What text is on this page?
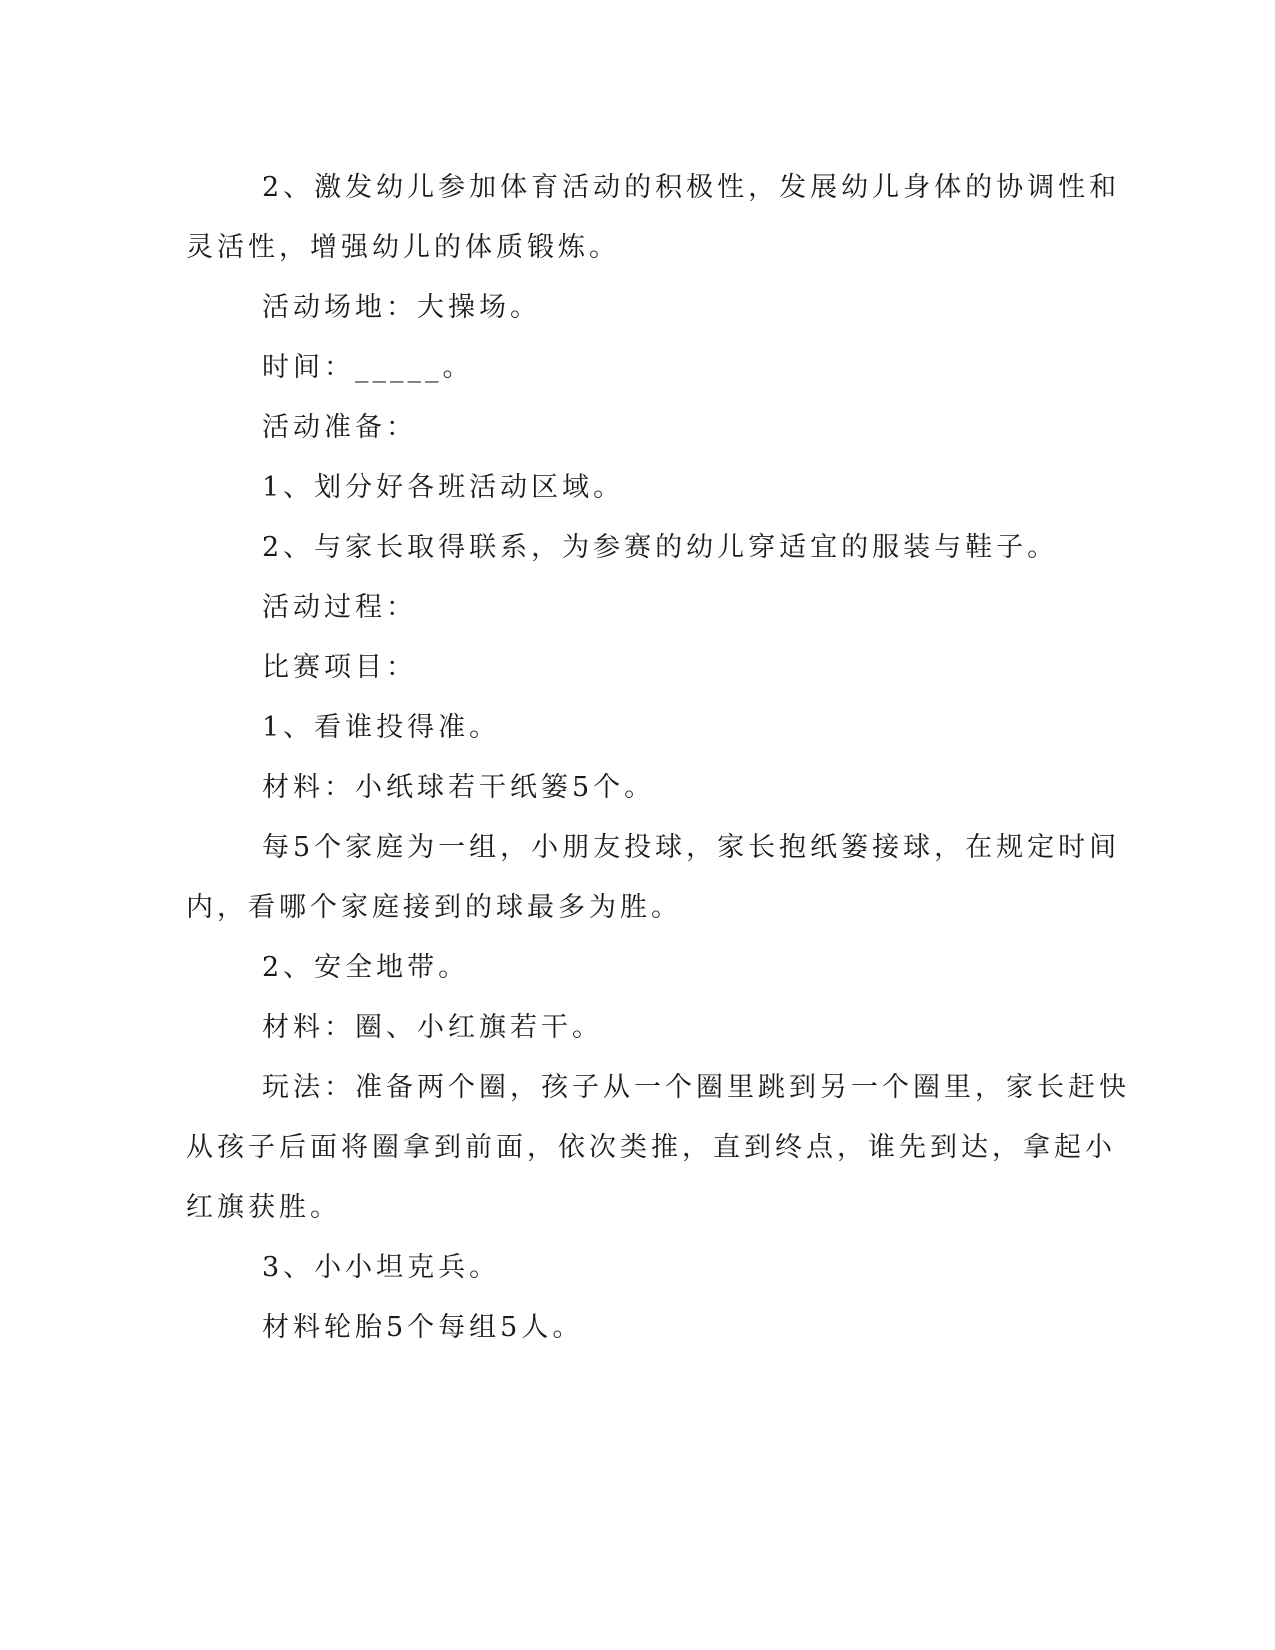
2、激发幼儿参加体育活动的积极性，发展幼儿身体的协调性和
灵活性，增强幼儿的体质锻炼。
活动场地：大操场。
时间：_____。
活动准备：
1、划分好各班活动区域。
2、与家长取得联系，为参赛的幼儿穿适宜的服装与鞋子。
活动过程：
比赛项目：
1、看谁投得准。
材料：小纸球若干纸篓5个。
每5个家庭为一组，小朋友投球，家长抱纸篓接球，在规定时间
内，看哪个家庭接到的球最多为胜。
2、安全地带。
材料：圈、小红旗若干。
玩法：准备两个圈，孩子从一个圈里跳到另一个圈里，家长赶快
从孩子后面将圈拿到前面，依次类推，直到终点，谁先到达，拿起小
红旗获胜。
3、小小坦克兵。
材料轮胎5个每组5人。
